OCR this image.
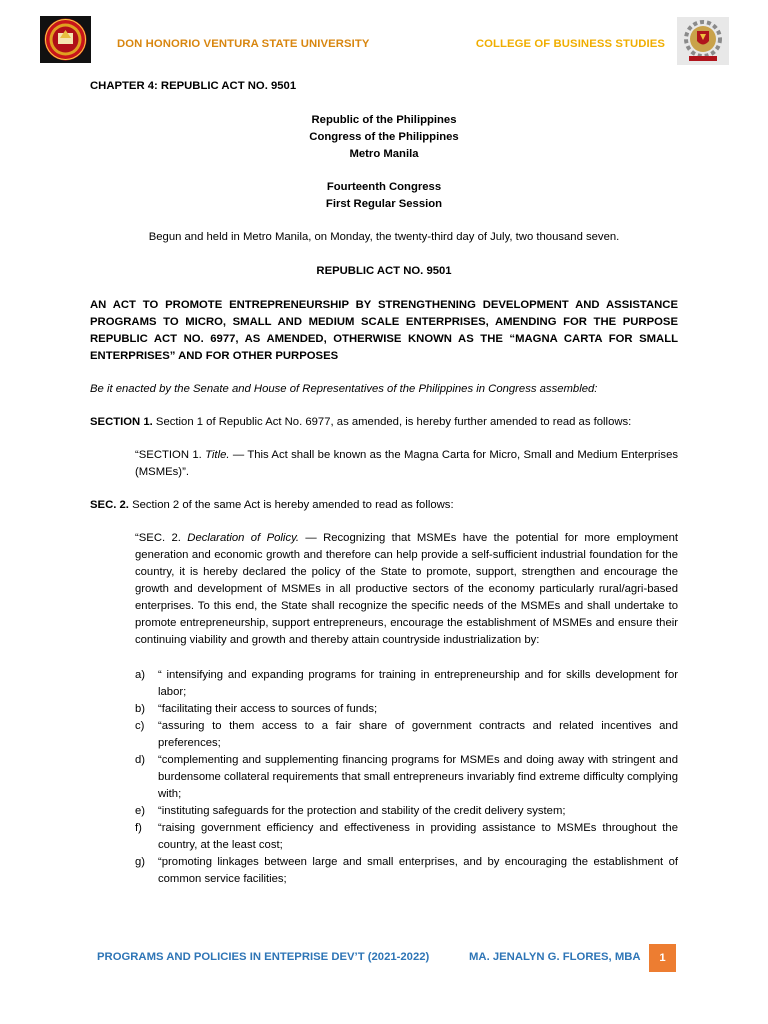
DON HONORIO VENTURA STATE UNIVERSITY	COLLEGE OF BUSINESS STUDIES

CHAPTER 4: REPUBLIC ACT NO. 9501

Republic of the Philippines

Congress of the Philippines

Metro Manila

Fourteenth Congress

First Regular Session

Begun and held in Metro Manila, on Monday, the twenty-third day of July, two thousand seven.

REPUBLIC ACT NO. 9501

AN ACT TO PROMOTE ENTREPRENEURSHIP BY STRENGTHENING DEVELOPMENT AND ASSISTANCE PROGRAMS TO MICRO, SMALL AND MEDIUM SCALE ENTERPRISES, AMENDING FOR THE PURPOSE REPUBLIC ACT NO. 6977, AS AMENDED, OTHERWISE KNOWN AS THE “MAGNA CARTA FOR SMALL ENTERPRISES” AND FOR OTHER PURPOSES

Be it enacted by the Senate and House of Representatives of the Philippines in Congress assembled:

SECTION 1. Section 1 of Republic Act No. 6977, as amended, is hereby further amended to read as follows:

“SECTION 1. Title. — This Act shall be known as the Magna Carta for Micro, Small and Medium Enterprises (MSMEs)”.

SEC. 2. Section 2 of the same Act is hereby amended to read as follows:

“SEC. 2. Declaration of Policy. — Recognizing that MSMEs have the potential for more employment generation and economic growth and therefore can help provide a self-sufficient industrial foundation for the country, it is hereby declared the policy of the State to promote, support, strengthen and encourage the growth and development of MSMEs in all productive sectors of the economy particularly rural/agri-based enterprises. To this end, the State shall recognize the specific needs of the MSMEs and shall undertake to promote entrepreneurship, support entrepreneurs, encourage the establishment of MSMEs and ensure their continuing viability and growth and thereby attain countryside industrialization by:

a)	“ intensifying and expanding programs for training in entrepreneurship and for skills development for labor;
b)	“facilitating their access to sources of funds;
c)	“assuring to them access to a fair share of government contracts and related incentives and preferences;
d)	“complementing and supplementing financing programs for MSMEs and doing away with stringent and burdensome collateral requirements that small entrepreneurs invariably find extreme difficulty complying with;
e)	“instituting safeguards for the protection and stability of the credit delivery system;
f)	“raising government efficiency and effectiveness in providing assistance to MSMEs throughout the country, at the least cost;
g)	“promoting linkages between large and small enterprises, and by encouraging the establishment of common service facilities;
PROGRAMS AND POLICIES IN ENTEPRISE DEV’T (2021-2022)	MA. JENALYN G. FLORES, MBA	1
